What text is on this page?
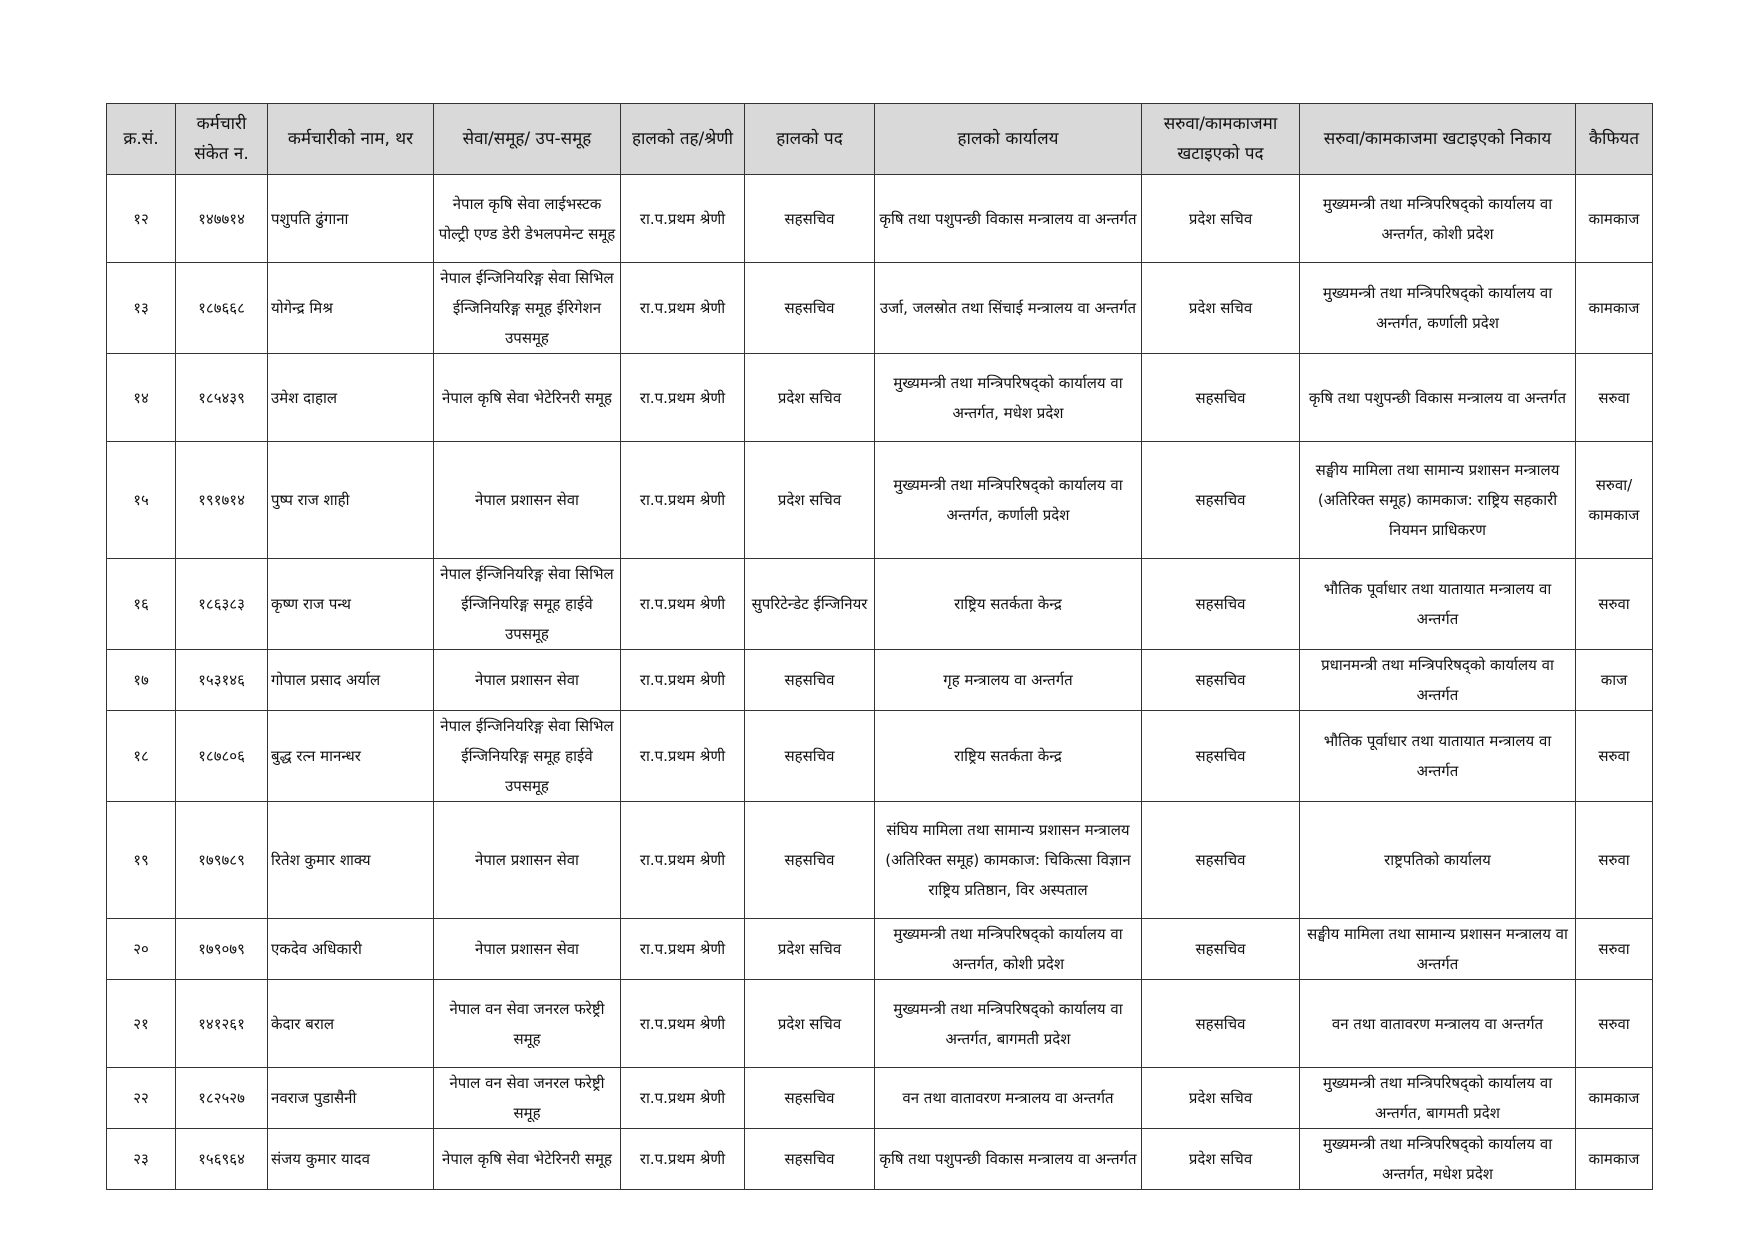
क्र.सं.	कर्मचारी संकेत न.	कर्मचारीको नाम, थर	सेवा/समूह/ उप-समूह	हालको तह/श्रेणी	हालको पद	हालको कार्यालय	सरुवा/कामकाजमा खटाइएको पद	सरुवा/कामकाजमा खटाइएको निकाय	कैफियत
१२	१४७७१४	पशुपति ढुंगाना	नेपाल कृषि सेवा लाईभस्टक पोल्ट्री एण्ड डेरी डेभलपमेन्ट समूह	रा.प.प्रथम श्रेणी	सहसचिव	कृषि तथा पशुपन्छी विकास मन्त्रालय वा अन्तर्गत	प्रदेश सचिव	मुख्यमन्त्री तथा मन्त्रिपरिषद्को कार्यालय वा अन्तर्गत, कोशी प्रदेश	कामकाज
१३	१८७६६८	योगेन्द्र मिश्र	नेपाल ईन्जिनियरिङ्ग सेवा सिभिल ईन्जिनियरिङ्ग समूह ईरिगेशन उपसमूह	रा.प.प्रथम श्रेणी	सहसचिव	उर्जा, जलस्रोत तथा सिंचाई मन्त्रालय वा अन्तर्गत	प्रदेश सचिव	मुख्यमन्त्री तथा मन्त्रिपरिषद्को कार्यालय वा अन्तर्गत, कर्णाली प्रदेश	कामकाज
१४	१८५४३९	उमेश दाहाल	नेपाल कृषि सेवा भेटेरिनरी समूह	रा.प.प्रथम श्रेणी	प्रदेश सचिव	मुख्यमन्त्री तथा मन्त्रिपरिषद्को कार्यालय वा अन्तर्गत, मधेश प्रदेश	सहसचिव	कृषि तथा पशुपन्छी विकास मन्त्रालय वा अन्तर्गत	सरुवा
१५	१९१७१४	पुष्प राज शाही	नेपाल प्रशासन सेवा	रा.प.प्रथम श्रेणी	प्रदेश सचिव	मुख्यमन्त्री तथा मन्त्रिपरिषद्को कार्यालय वा अन्तर्गत, कर्णाली प्रदेश	सहसचिव	सङ्घीय मामिला तथा सामान्य प्रशासन मन्त्रालय (अतिरिक्त समूह) कामकाज: राष्ट्रिय सहकारी नियमन प्राधिकरण	सरुवा/ कामकाज
१६	१८६३८३	कृष्ण राज पन्थ	नेपाल ईन्जिनियरिङ्ग सेवा सिभिल ईन्जिनियरिङ्ग समूह हाईवे उपसमूह	रा.प.प्रथम श्रेणी	सुपरिटेन्डेट ईन्जिनियर	राष्ट्रिय सतर्कता केन्द्र	सहसचिव	भौतिक पूर्वाधार तथा यातायात मन्त्रालय वा अन्तर्गत	सरुवा
१७	१५३१४६	गोपाल प्रसाद अर्याल	नेपाल प्रशासन सेवा	रा.प.प्रथम श्रेणी	सहसचिव	गृह मन्त्रालय वा अन्तर्गत	सहसचिव	प्रधानमन्त्री तथा मन्त्रिपरिषद्को कार्यालय वा अन्तर्गत	काज
१८	१८७८०६	बुद्ध रत्न मानन्धर	नेपाल ईन्जिनियरिङ्ग सेवा सिभिल ईन्जिनियरिङ्ग समूह हाईवे उपसमूह	रा.प.प्रथम श्रेणी	सहसचिव	राष्ट्रिय सतर्कता केन्द्र	सहसचिव	भौतिक पूर्वाधार तथा यातायात मन्त्रालय वा अन्तर्गत	सरुवा
१९	१७९७८९	रितेश कुमार शाक्य	नेपाल प्रशासन सेवा	रा.प.प्रथम श्रेणी	सहसचिव	संघिय मामिला तथा सामान्य प्रशासन मन्त्रालय (अतिरिक्त समूह) कामकाज: चिकित्सा विज्ञान राष्ट्रिय प्रतिष्ठान, विर अस्पताल	सहसचिव	राष्ट्रपतिको कार्यालय	सरुवा
२०	१७९०७९	एकदेव अधिकारी	नेपाल प्रशासन सेवा	रा.प.प्रथम श्रेणी	प्रदेश सचिव	मुख्यमन्त्री तथा मन्त्रिपरिषद्को कार्यालय वा अन्तर्गत, कोशी प्रदेश	सहसचिव	सङ्घीय मामिला तथा सामान्य प्रशासन मन्त्रालय वा अन्तर्गत	सरुवा
२१	१४१२६१	केदार बराल	नेपाल वन सेवा जनरल फरेष्ट्री समूह	रा.प.प्रथम श्रेणी	प्रदेश सचिव	मुख्यमन्त्री तथा मन्त्रिपरिषद्को कार्यालय वा अन्तर्गत, बागमती प्रदेश	सहसचिव	वन तथा वातावरण मन्त्रालय वा अन्तर्गत	सरुवा
२२	१८२५२७	नवराज पुडासैनी	नेपाल वन सेवा जनरल फरेष्ट्री समूह	रा.प.प्रथम श्रेणी	सहसचिव	वन तथा वातावरण मन्त्रालय वा अन्तर्गत	प्रदेश सचिव	मुख्यमन्त्री तथा मन्त्रिपरिषद्को कार्यालय वा अन्तर्गत, बागमती प्रदेश	कामकाज
२३	१५६९६४	संजय कुमार यादव	नेपाल कृषि सेवा भेटेरिनरी समूह	रा.प.प्रथम श्रेणी	सहसचिव	कृषि तथा पशुपन्छी विकास मन्त्रालय वा अन्तर्गत	प्रदेश सचिव	मुख्यमन्त्री तथा मन्त्रिपरिषद्को कार्यालय वा अन्तर्गत, मधेश प्रदेश	कामकाज
